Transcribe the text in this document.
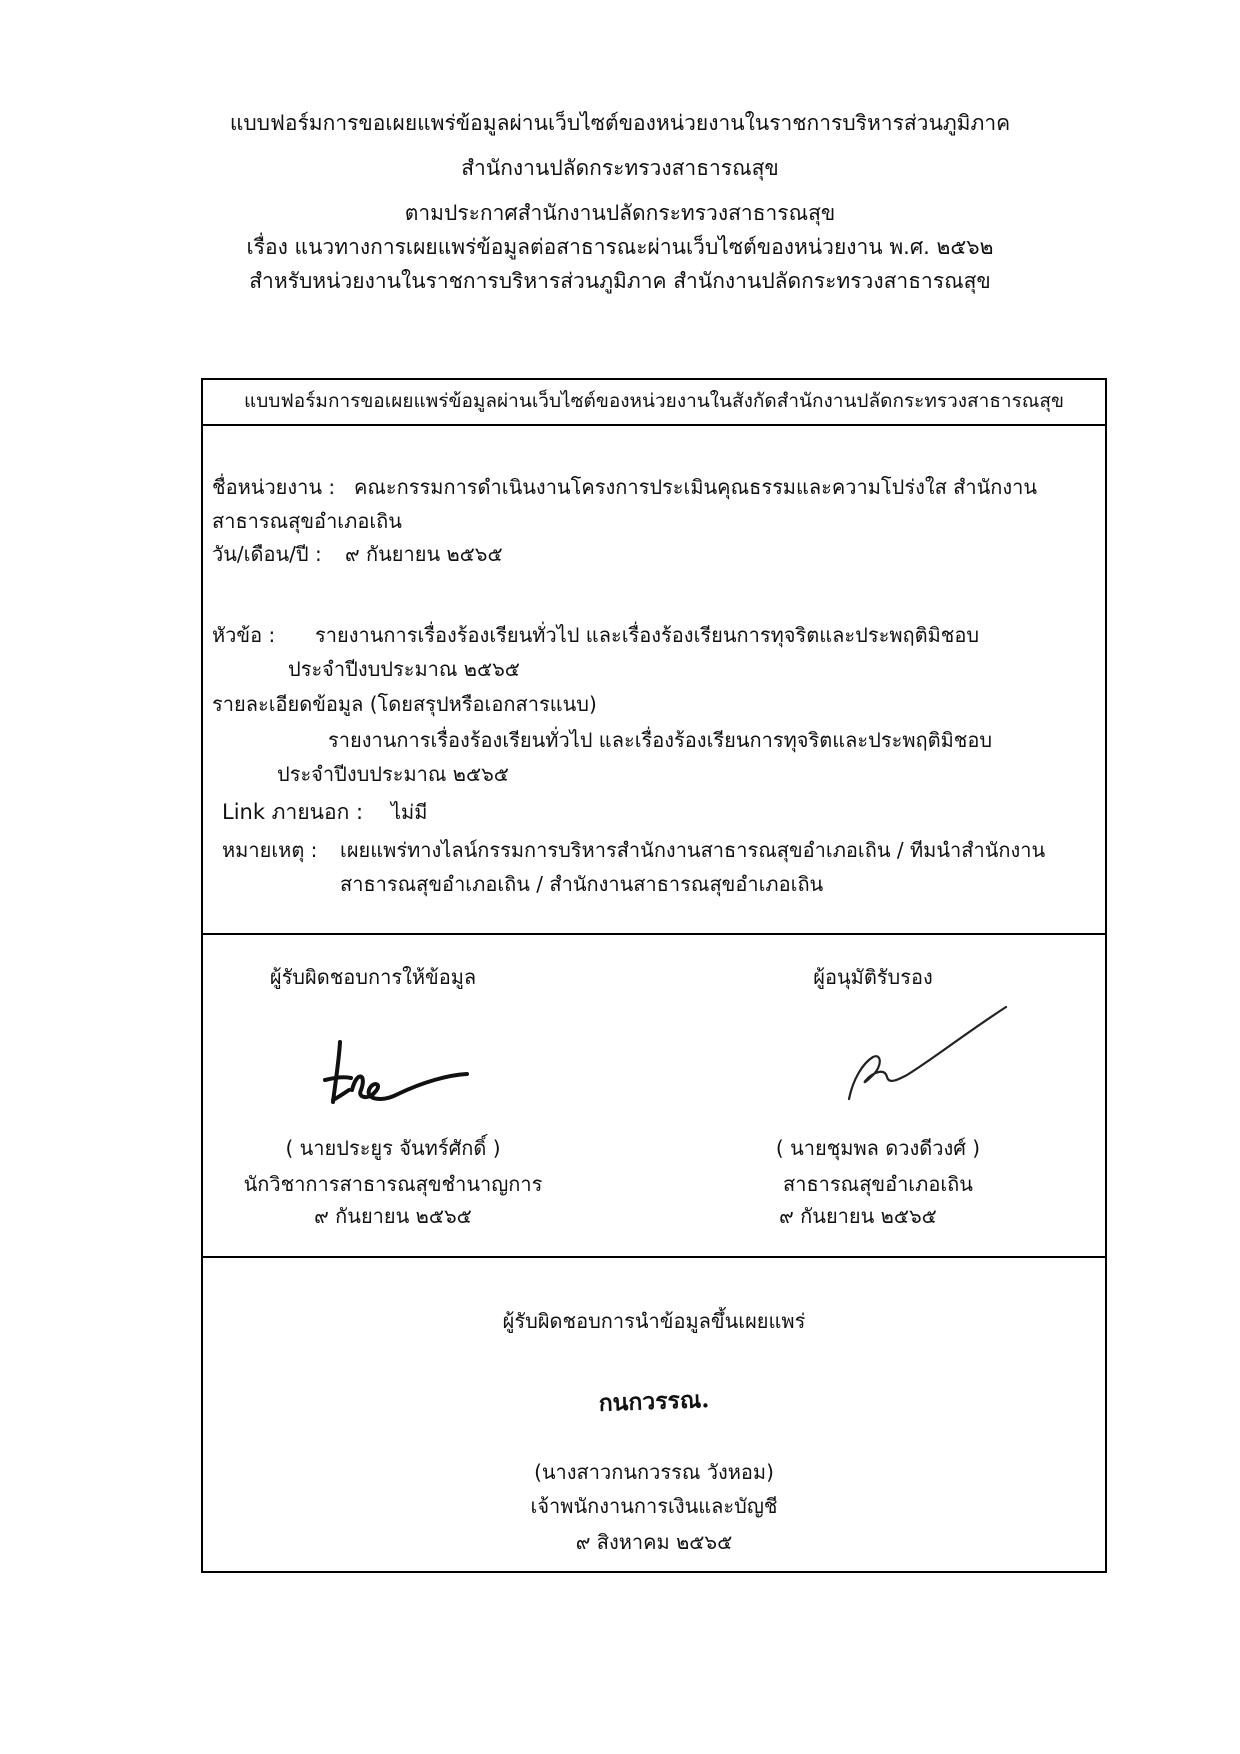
แบบฟอร์มการขอเผยแพร่ข้อมูลผ่านเว็บไซต์ของหน่วยงานในราชการบริหารส่วนภูมิภาค
สำนักงานปลัดกระทรวงสาธารณสุข
ตามประกาศสำนักงานปลัดกระทรวงสาธารณสุข
เรื่อง แนวทางการเผยแพร่ข้อมูลต่อสาธารณะผ่านเว็บไซต์ของหน่วยงาน พ.ศ. ๒๕๖๒
สำหรับหน่วยงานในราชการบริหารส่วนภูมิภาค สำนักงานปลัดกระทรวงสาธารณสุข
แบบฟอร์มการขอเผยแพร่ข้อมูลผ่านเว็บไซต์ของหน่วยงานในสังกัดสำนักงานปลัดกระทรวงสาธารณสุข
ชื่อหน่วยงาน : คณะกรรมการดำเนินงานโครงการประเมินคุณธรรมและความโปร่งใส สำนักงาน
สาธารณสุขอำเภอเถิน
วัน/เดือน/ปี : ๙ กันยายน ๒๕๖๕
หัวข้อ : รายงานการเรื่องร้องเรียนทั่วไป และเรื่องร้องเรียนการทุจริตและประพฤติมิชอบ
ประจำปีงบประมาณ ๒๕๖๕
รายละเอียดข้อมูล (โดยสรุปหรือเอกสารแนบ)
รายงานการเรื่องร้องเรียนทั่วไป และเรื่องร้องเรียนการทุจริตและประพฤติมิชอบ
ประจำปีงบประมาณ ๒๕๖๕
Link ภายนอก : ไม่มี
หมายเหตุ : เผยแพร่ทางไลน์กรรมการบริหารสำนักงานสาธารณสุขอำเภอเถิน / ทีมนำสำนักงาน
สาธารณสุขอำเภอเถิน / สำนักงานสาธารณสุขอำเภอเถิน
ผู้รับผิดชอบการให้ข้อมูล
( นายประยูร จันทร์ศักดิ์ )
นักวิชาการสาธารณสุขชำนาญการ
๙ กันยายน ๒๕๖๕
ผู้อนุมัติรับรอง
( นายชุมพล ดวงดีวงศ์ )
สาธารณสุขอำเภอเถิน
๙ กันยายน ๒๕๖๕
ผู้รับผิดชอบการนำข้อมูลขึ้นเผยแพร่
กนกวรรณ.
(นางสาวกนกวรรณ วังหอม)
เจ้าพนักงานการเงินและบัญชี
๙ สิงหาคม ๒๕๖๕
